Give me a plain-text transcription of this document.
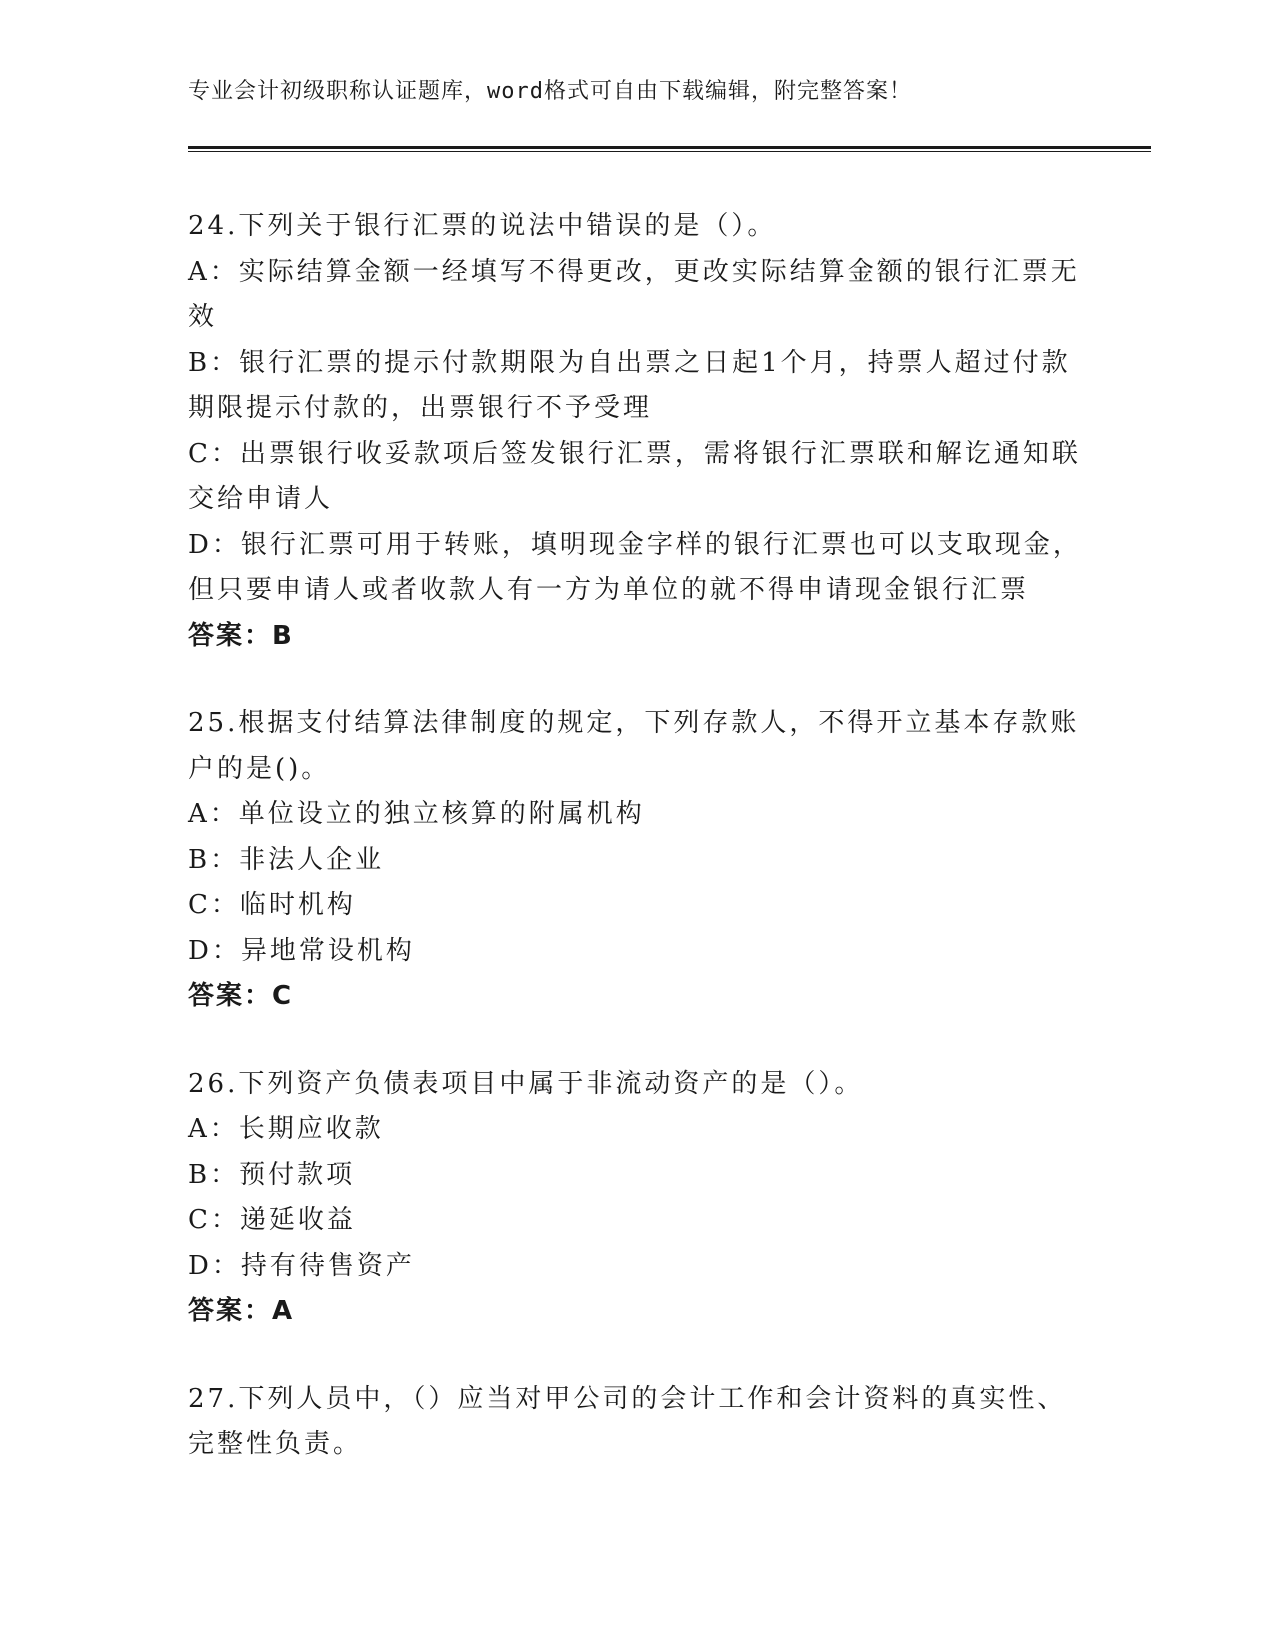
专业会计初级职称认证题库，word格式可自由下载编辑，附完整答案！
24.下列关于银行汇票的说法中错误的是（）。
A：实际结算金额一经填写不得更改，更改实际结算金额的银行汇票无效
B：银行汇票的提示付款期限为自出票之日起1个月，持票人超过付款期限提示付款的，出票银行不予受理
C：出票银行收妥款项后签发银行汇票，需将银行汇票联和解讫通知联交给申请人
D：银行汇票可用于转账，填明现金字样的银行汇票也可以支取现金，但只要申请人或者收款人有一方为单位的就不得申请现金银行汇票
答案：B
25.根据支付结算法律制度的规定，下列存款人，不得开立基本存款账户的是()。
A：单位设立的独立核算的附属机构
B：非法人企业
C：临时机构
D：异地常设机构
答案：C
26.下列资产负债表项目中属于非流动资产的是（）。
A：长期应收款
B：预付款项
C：递延收益
D：持有待售资产
答案：A
27.下列人员中，（）应当对甲公司的会计工作和会计资料的真实性、完整性负责。
